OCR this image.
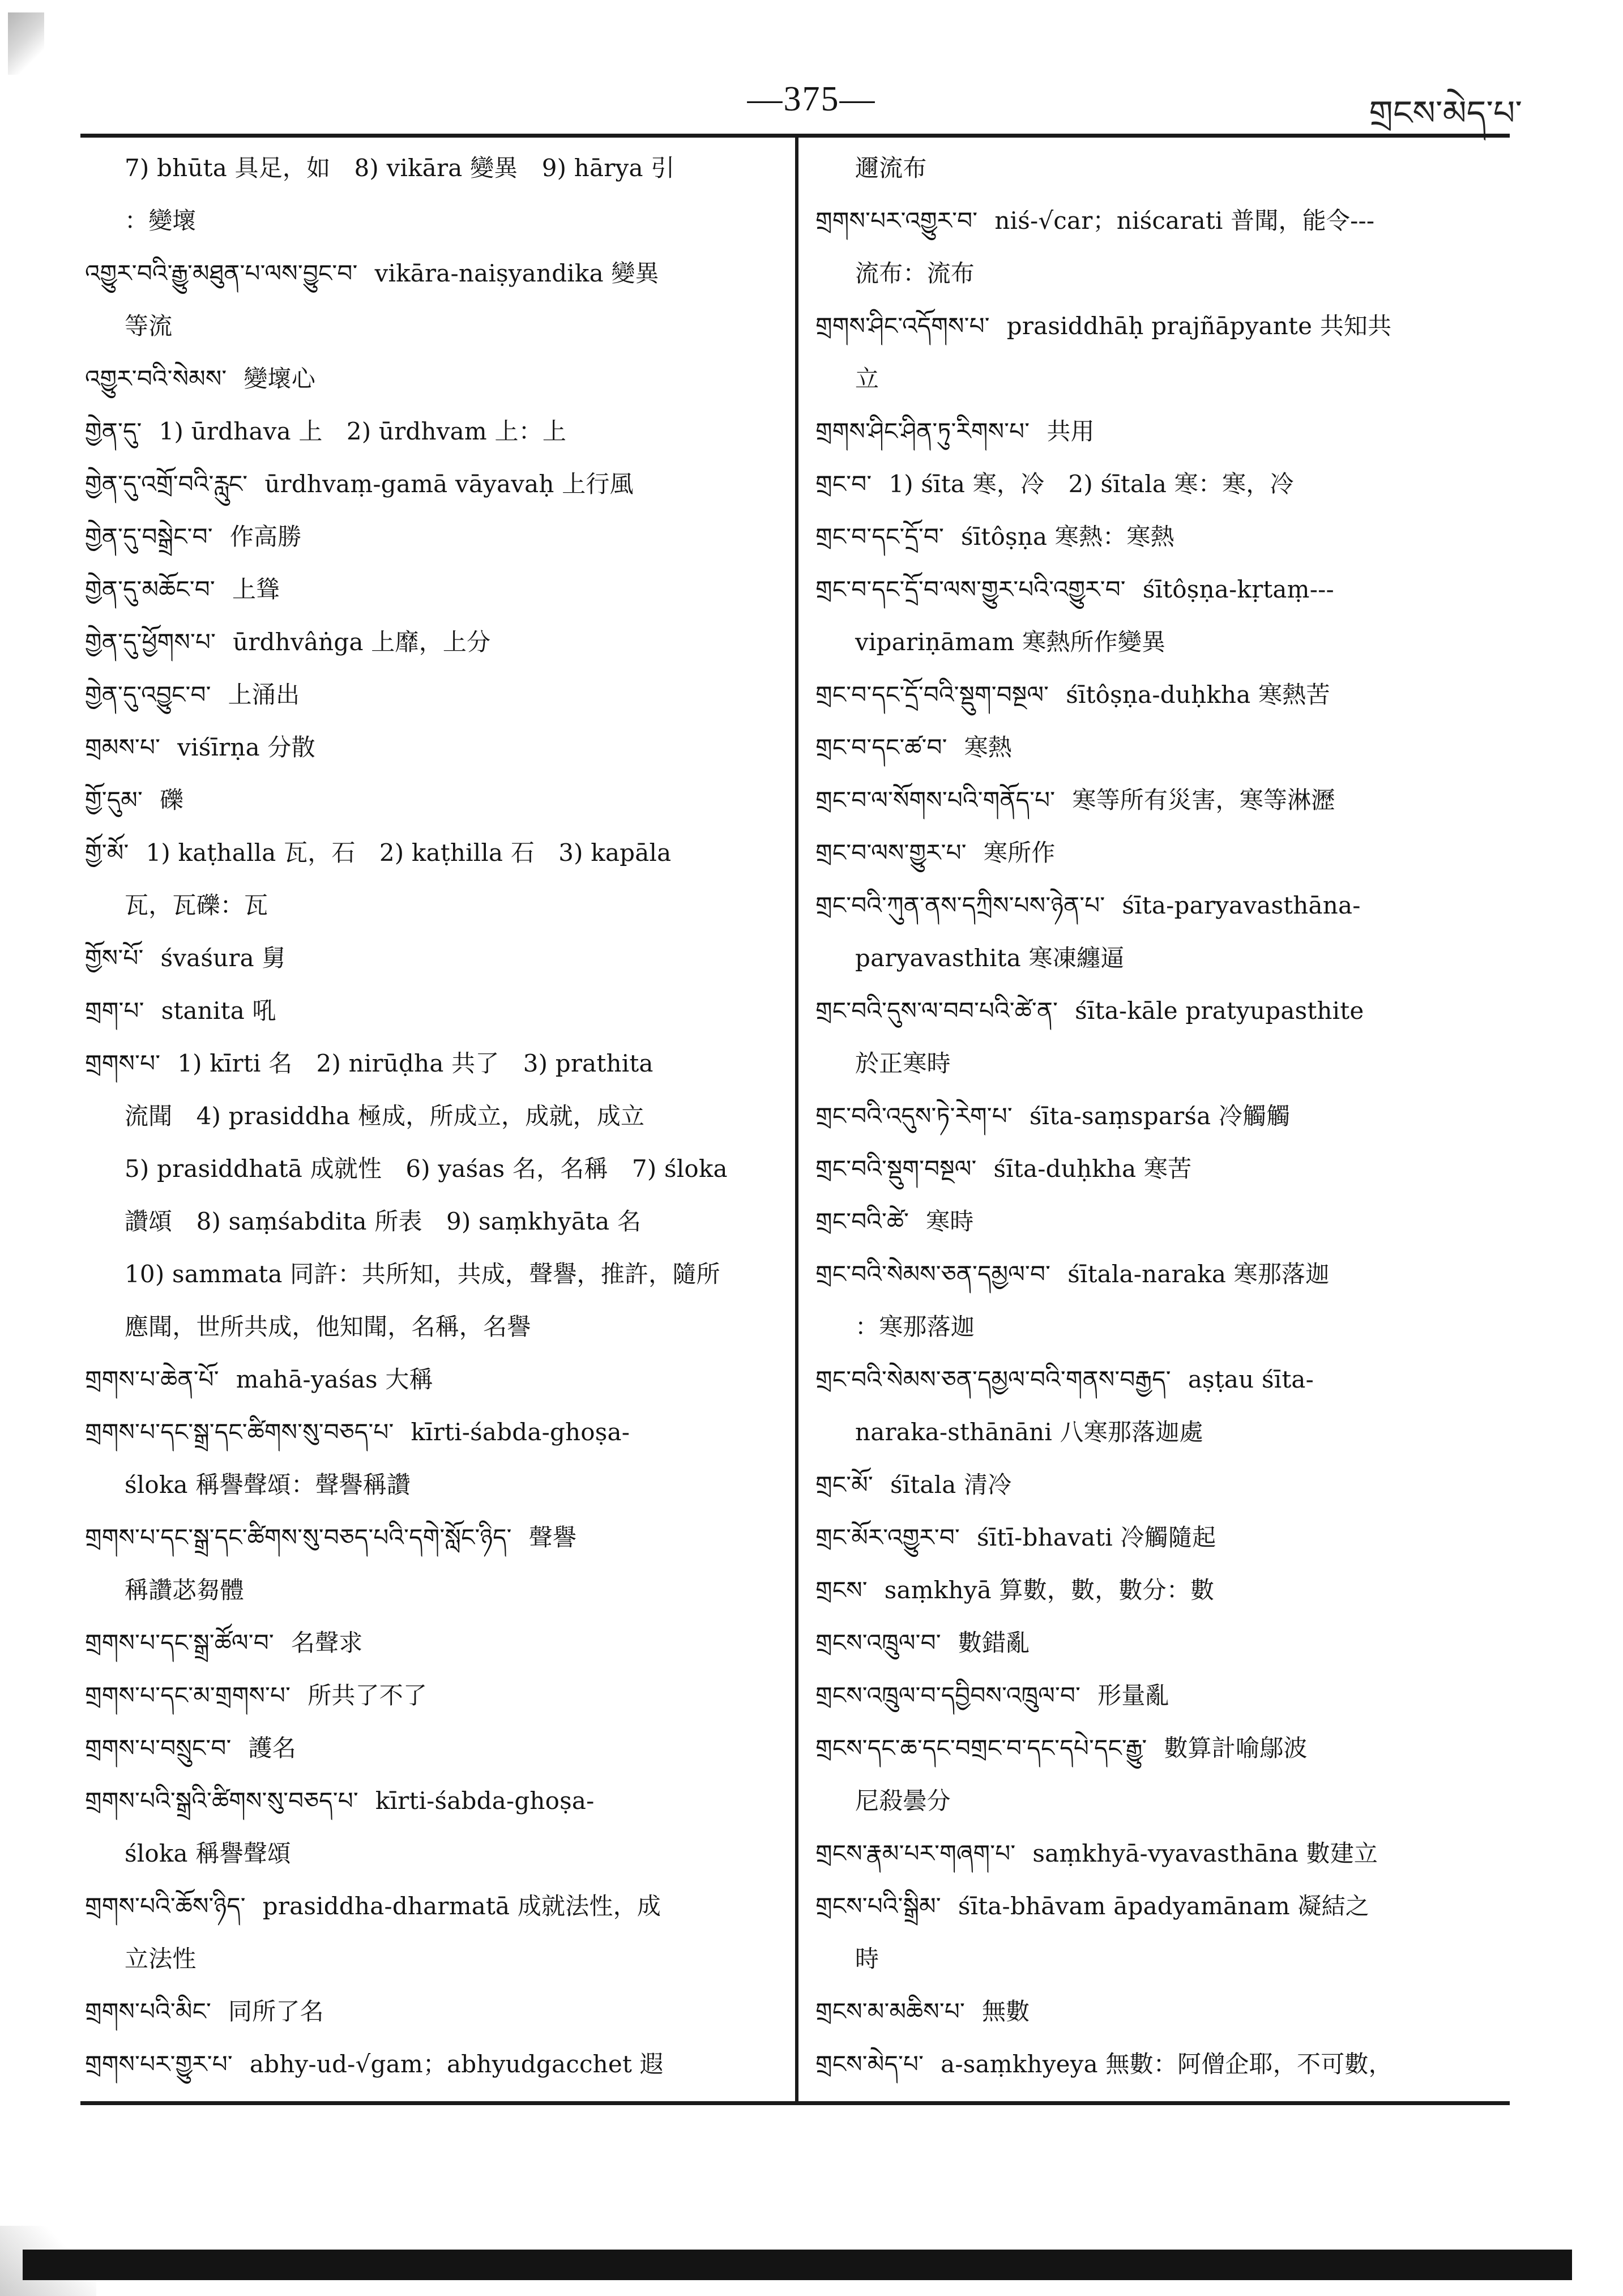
—375—	གྲངས་མེད་པ་
7) bhūta 具足，如　8) vikāra 變異　9) hārya 引
：變壞
འགྱུར་བའི་རྒྱུ་མཐུན་པ་ལས་བྱུང་བ་ vikāra-naiṣyandika 變異
等流
འགྱུར་བའི་སེམས་ 變壞心
གྱེན་དུ་ 1) ūrdhava 上　2) ūrdhvam 上：上
གྱེན་དུ་འགྲོ་བའི་རླུང་ ūrdhvaṃ-gamā vāyavaḥ 上行風
གྱེན་དུ་བསྒྲེང་བ་ 作高勝
གྱེན་དུ་མཆོང་བ་ 上聳
གྱེན་དུ་ཕྱོགས་པ་ ūrdhvâṅga 上靡，上分
གྱེན་དུ་འབྱུང་བ་ 上涌出
གྲམས་པ་ viśīrṇa 分散
གྱོ་དུམ་ 礫
གྱོ་མོ་ 1) kaṭhalla 瓦，石　2) kaṭhilla 石　3) kapāla
瓦，瓦礫：瓦
གྱོས་པོ་ śvaśura 舅
གྲག་པ་ stanita 吼
གྲགས་པ་ 1) kīrti 名　2) nirūḍha 共了　3) prathita
流聞　4) prasiddha 極成，所成立，成就，成立
5) prasiddhatā 成就性　6) yaśas 名，名稱　7) śloka
讚頌　8) saṃśabdita 所表　9) saṃkhyāta 名
10) sammata 同許：共所知，共成，聲譽，推許，隨所
應聞，世所共成，他知聞，名稱，名譽
གྲགས་པ་ཆེན་པོ་ mahā-yaśas 大稱
གྲགས་པ་དང་སྒྲ་དང་ཚིགས་སུ་བཅད་པ་ kīrti-śabda-ghoṣa-
śloka 稱譽聲頌：聲譽稱讚
གྲགས་པ་དང་སྒྲ་དང་ཚིགས་སུ་བཅད་པའི་དགེ་སློང་ཉིད་ 聲譽
稱讚苾芻體
གྲགས་པ་དང་སྒྲ་ཚོལ་བ་ 名聲求
གྲགས་པ་དང་མ་གྲགས་པ་ 所共了不了
གྲགས་པ་བསྲུང་བ་ 護名
གྲགས་པའི་སྒྲའི་ཚིགས་སུ་བཅད་པ་ kīrti-śabda-ghoṣa-
śloka 稱譽聲頌
གྲགས་པའི་ཆོས་ཉིད་ prasiddha-dharmatā 成就法性，成
立法性
གྲགས་པའི་མིང་ 同所了名
གྲགས་པར་གྱུར་པ་ abhy-ud-√gam；abhyudgacchet 遐
邇流布
གྲགས་པར་འགྱུར་བ་ niś-√car；niścarati 普聞，能令---
流布：流布
གྲགས་ཤིང་འདོགས་པ་ prasiddhāḥ prajñāpyante 共知共
立
གྲགས་ཤིང་ཤིན་ཏུ་རིགས་པ་ 共用
གྲང་བ་ 1) śīta 寒，冷　2) śītala 寒：寒，冷
གྲང་བ་དང་དྲོ་བ་ śītôṣṇa 寒熱：寒熱
གྲང་བ་དང་དྲོ་བ་ལས་གྱུར་པའི་འགྱུར་བ་ śītôṣṇa-kṛtaṃ---
vipariṇāmam 寒熱所作變異
གྲང་བ་དང་དྲོ་བའི་སྡུག་བསྔལ་ śītôṣṇa-duḥkha 寒熱苦
གྲང་བ་དང་ཚ་བ་ 寒熱
གྲང་བ་ལ་སོགས་པའི་གནོད་པ་ 寒等所有災害，寒等淋瀝
གྲང་བ་ལས་གྱུར་པ་ 寒所作
གྲང་བའི་ཀུན་ནས་དཀྲིས་པས་ཉེན་པ་ śīta-paryavasthāna-
paryavasthita 寒凍纏逼
གྲང་བའི་དུས་ལ་བབ་པའི་ཚེ་ན་ śīta-kāle pratyupasthite
於正寒時
གྲང་བའི་འདུས་ཏེ་རེག་པ་ śīta-saṃsparśa 冷觸觸
གྲང་བའི་སྡུག་བསྔལ་ śīta-duḥkha 寒苦
གྲང་བའི་ཚེ་ 寒時
གྲང་བའི་སེམས་ཅན་དམྱལ་བ་ śītala-naraka 寒那落迦
：寒那落迦
གྲང་བའི་སེམས་ཅན་དམྱལ་བའི་གནས་བརྒྱད་ aṣṭau śīta-
naraka-sthānāni 八寒那落迦處
གྲང་མོ་ śītala 清冷
གྲང་མོར་འགྱུར་བ་ śītī-bhavati 冷觸隨起
གྲངས་ saṃkhyā 算數，數，數分：數
གྲངས་འཁྲུལ་བ་ 數錯亂
གྲངས་འཁྲུལ་བ་དབྱིབས་འཁྲུལ་བ་ 形量亂
གྲངས་དང་ཆ་དང་བགྲང་བ་དང་དཔེ་དང་རྒྱུ་ 數算計喻鄔波
尼殺曇分
གྲངས་རྣམ་པར་གཞག་པ་ saṃkhyā-vyavasthāna 數建立
གྲངས་པའི་སྒྲིམ་ śīta-bhāvam āpadyamānam 凝結之
時
གྲངས་མ་མཆིས་པ་ 無數
གྲངས་མེད་པ་ a-saṃkhyeya 無數：阿僧企耶，不可數，
